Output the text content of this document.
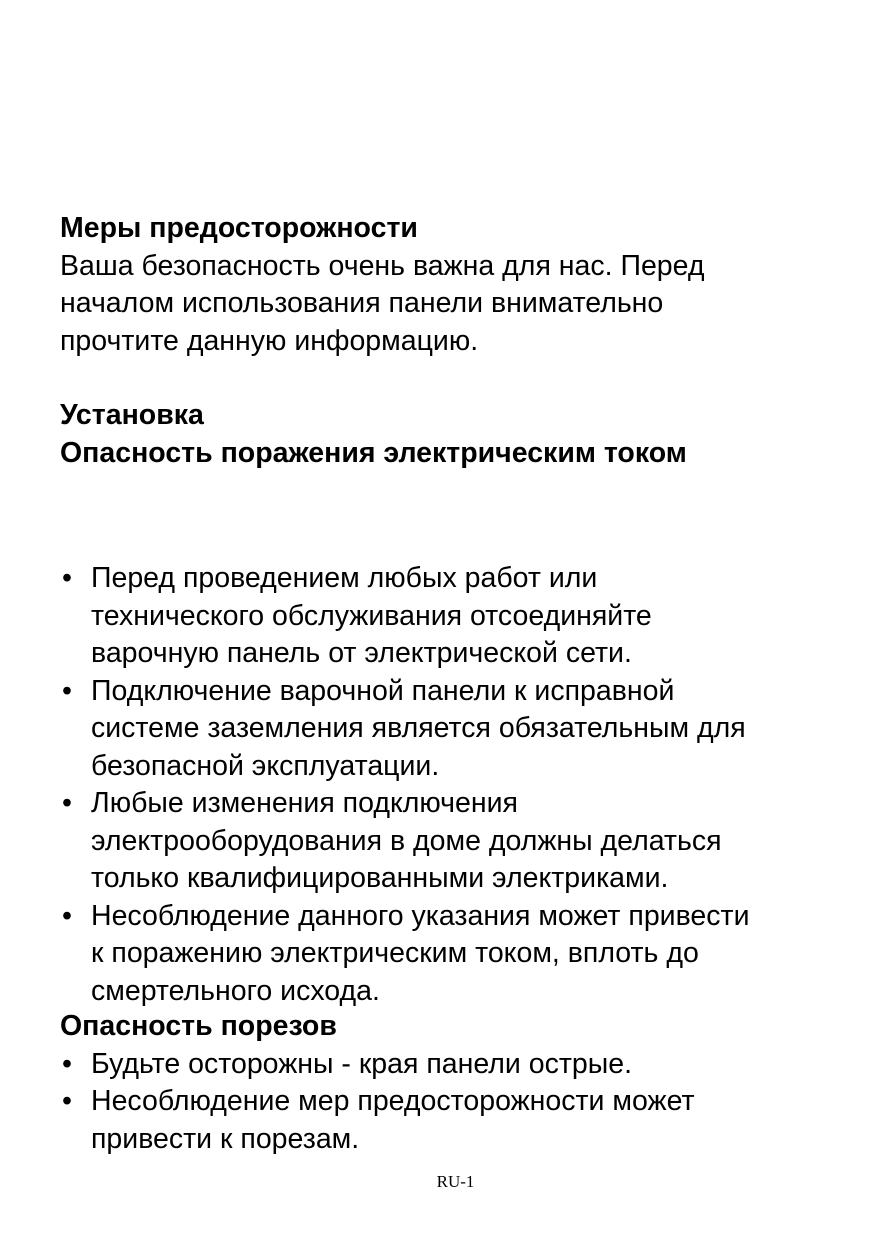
Меры предосторожности

Ваша безопасность очень важна для нас. Перед
началом использования панели внимательно
прочтите данную информацию.

Установка
Опасность поражения электрическим током
• Перед проведением любых работ или
технического обслуживания отсоединяйте
варочную панель от электрической сети.
• Подключение варочной панели к исправной
системе заземления является обязательным для
безопасной эксплуатации.
• Любые изменения подключения
электрооборудования в доме должны делаться
только квалифицированными электриками.
• Несоблюдение данного указания может привести
к поражению электрическим током, вплоть до
смертельного исхода.
Опасность порезов
• Будьте осторожны - края панели острые.
• Несоблюдение мер предосторожности может
привести к порезам.
RU-1
